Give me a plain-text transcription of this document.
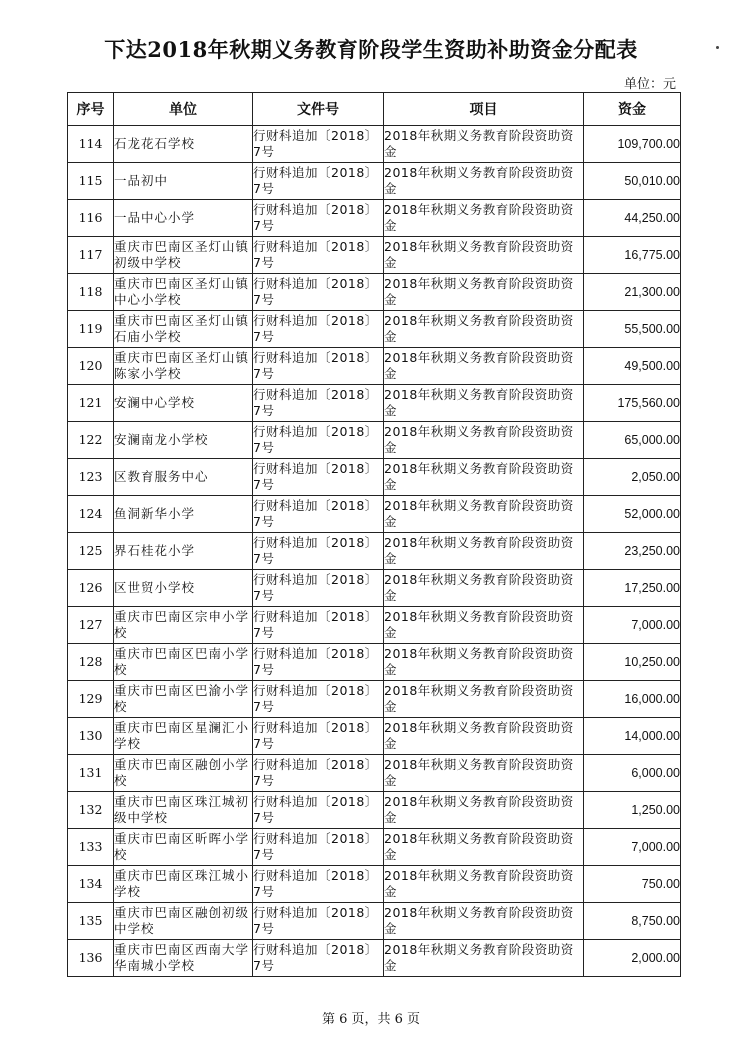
下达2018年秋期义务教育阶段学生资助补助资金分配表
单位：元
序号	单位	文件号	项目	资金
114	石龙花石学校	行财科追加〔2018〕7号	2018年秋期义务教育阶段资助资金	109,700.00
115	一品初中	行财科追加〔2018〕7号	2018年秋期义务教育阶段资助资金	50,010.00
116	一品中心小学	行财科追加〔2018〕7号	2018年秋期义务教育阶段资助资金	44,250.00
117	重庆市巴南区圣灯山镇初级中学校	行财科追加〔2018〕7号	2018年秋期义务教育阶段资助资金	16,775.00
118	重庆市巴南区圣灯山镇中心小学校	行财科追加〔2018〕7号	2018年秋期义务教育阶段资助资金	21,300.00
119	重庆市巴南区圣灯山镇石庙小学校	行财科追加〔2018〕7号	2018年秋期义务教育阶段资助资金	55,500.00
120	重庆市巴南区圣灯山镇陈家小学校	行财科追加〔2018〕7号	2018年秋期义务教育阶段资助资金	49,500.00
121	安澜中心学校	行财科追加〔2018〕7号	2018年秋期义务教育阶段资助资金	175,560.00
122	安澜南龙小学校	行财科追加〔2018〕7号	2018年秋期义务教育阶段资助资金	65,000.00
123	区教育服务中心	行财科追加〔2018〕7号	2018年秋期义务教育阶段资助资金	2,050.00
124	鱼洞新华小学	行财科追加〔2018〕7号	2018年秋期义务教育阶段资助资金	52,000.00
125	界石桂花小学	行财科追加〔2018〕7号	2018年秋期义务教育阶段资助资金	23,250.00
126	区世贸小学校	行财科追加〔2018〕7号	2018年秋期义务教育阶段资助资金	17,250.00
127	重庆市巴南区宗申小学校	行财科追加〔2018〕7号	2018年秋期义务教育阶段资助资金	7,000.00
128	重庆市巴南区巴南小学校	行财科追加〔2018〕7号	2018年秋期义务教育阶段资助资金	10,250.00
129	重庆市巴南区巴渝小学校	行财科追加〔2018〕7号	2018年秋期义务教育阶段资助资金	16,000.00
130	重庆市巴南区星澜汇小学校	行财科追加〔2018〕7号	2018年秋期义务教育阶段资助资金	14,000.00
131	重庆市巴南区融创小学校	行财科追加〔2018〕7号	2018年秋期义务教育阶段资助资金	6,000.00
132	重庆市巴南区珠江城初级中学校	行财科追加〔2018〕7号	2018年秋期义务教育阶段资助资金	1,250.00
133	重庆市巴南区昕晖小学校	行财科追加〔2018〕7号	2018年秋期义务教育阶段资助资金	7,000.00
134	重庆市巴南区珠江城小学校	行财科追加〔2018〕7号	2018年秋期义务教育阶段资助资金	750.00
135	重庆市巴南区融创初级中学校	行财科追加〔2018〕7号	2018年秋期义务教育阶段资助资金	8,750.00
136	重庆市巴南区西南大学华南城小学校	行财科追加〔2018〕7号	2018年秋期义务教育阶段资助资金	2,000.00
第 6 页，共 6 页
